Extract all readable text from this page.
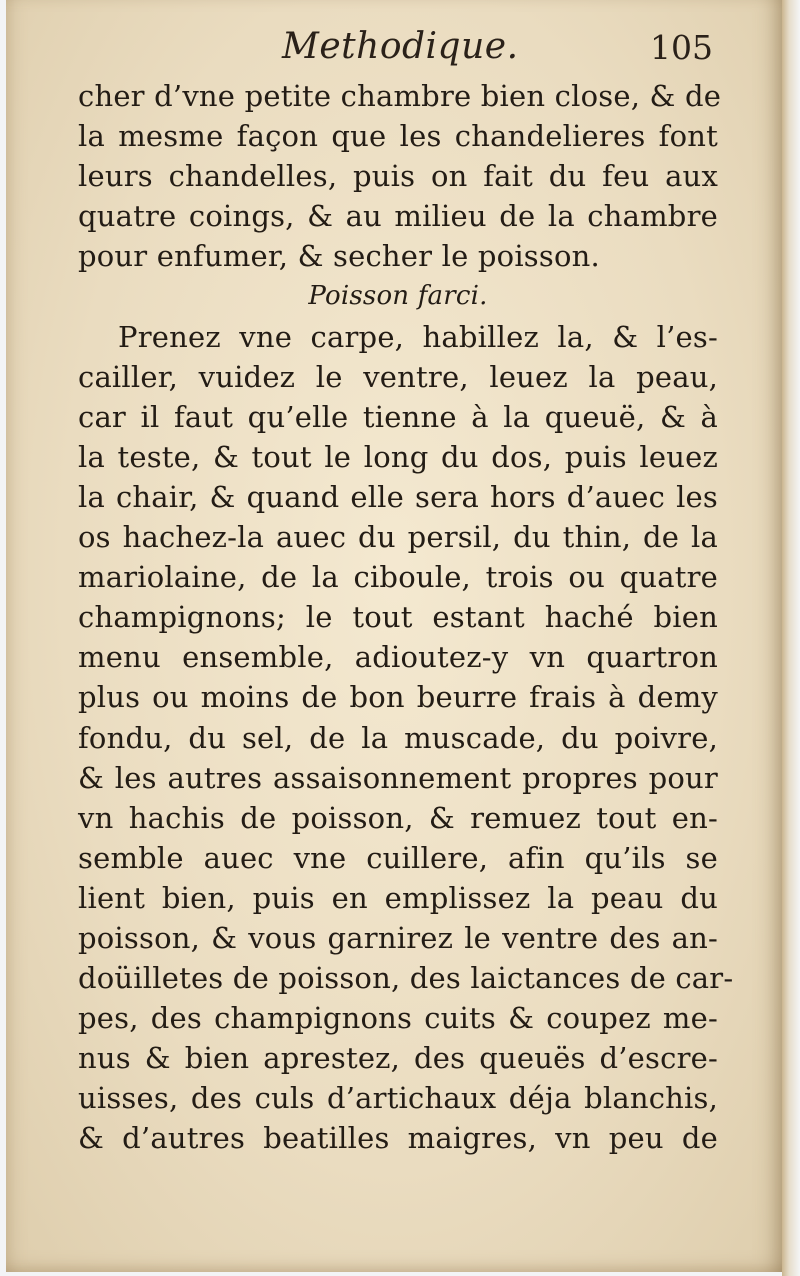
Methodique.	105
cher d’vne petite chambre bien close, & de
la mesme façon que les chandelieres font
leurs chandelles, puis on fait du feu aux
quatre coings, & au milieu de la chambre
pour enfumer, & secher le poisson.
Poisson farci.
Prenez vne carpe, habillez la, & l’es-
cailler, vuidez le ventre, leuez la peau,
car il faut qu’elle tienne à la queuë, & à
la teste, & tout le long du dos, puis leuez
la chair, & quand elle sera hors d’auec les
os hachez-la auec du persil, du thin, de la
mariolaine, de la ciboule, trois ou quatre
champignons; le tout estant haché bien
menu ensemble, adioutez-y vn quartron
plus ou moins de bon beurre frais à demy
fondu, du sel, de la muscade, du poivre,
& les autres assaisonnement propres pour
vn hachis de poisson, & remuez tout en-
semble auec vne cuillere, afin qu’ils se
lient bien, puis en emplissez la peau du
poisson, & vous garnirez le ventre des an-
doüilletes de poisson, des laictances de car-
pes, des champignons cuits & coupez me-
nus & bien aprestez, des queuës d’escre-
uisses, des culs d’artichaux déja blanchis,
& d’autres beatilles maigres, vn peu de
